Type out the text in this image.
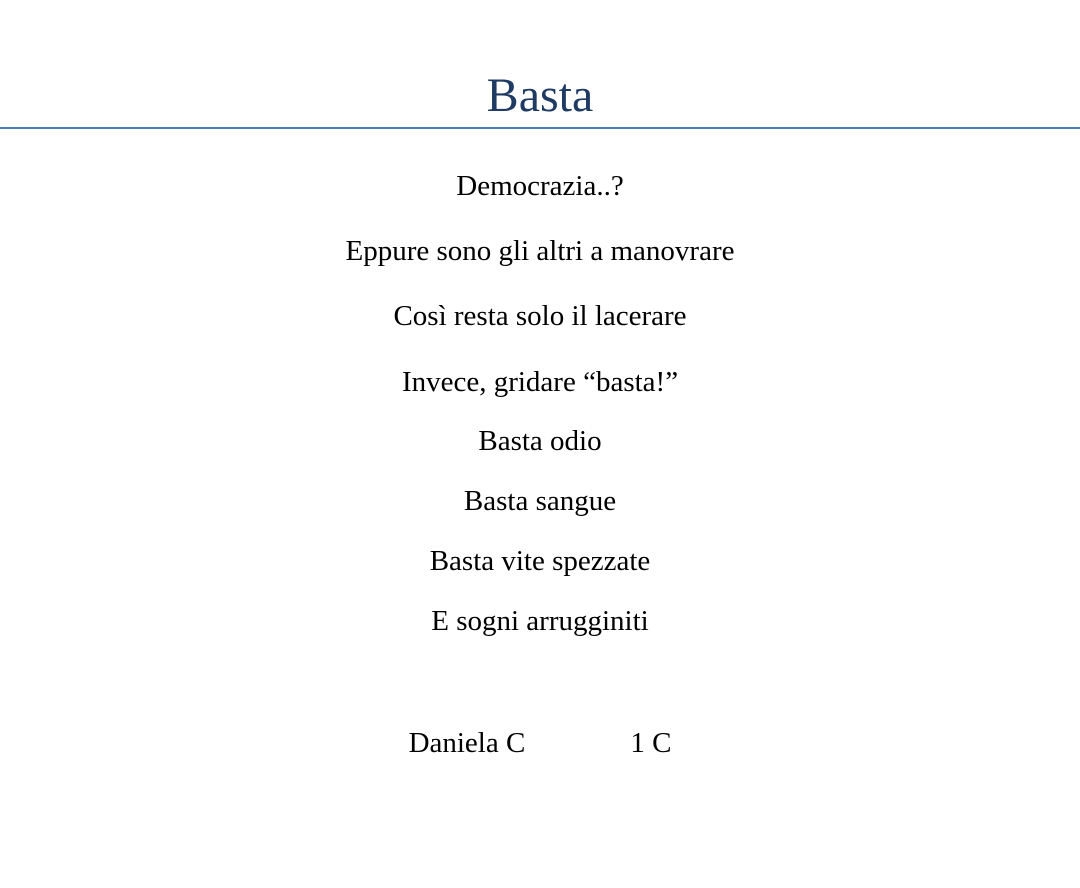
Basta

Democrazia..?

Eppure sono gli altri a manovrare

Così resta solo il lacerare

Invece, gridare “basta!”

Basta odio

Basta sangue

Basta vite spezzate

E sogni arrugginiti

Daniela C	1 C
